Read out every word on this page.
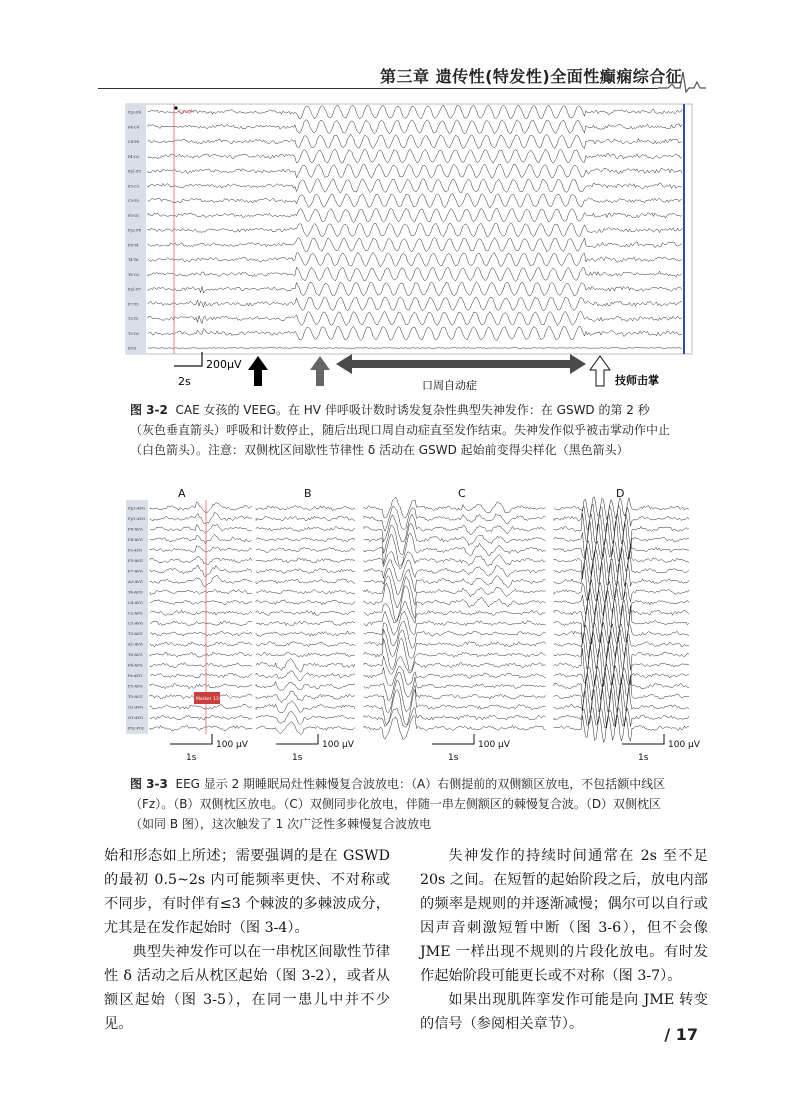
第三章 遗传性(特发性)全面性癫痫综合征
Fp2-F4
F4-C4
C4-P4
P4-O2
Fp1-F3
F3-C3
C3-P3
P3-O1
Fp2-F8
F8-T4
T4-T6
T6-O2
Fp1-F7
F7-T3
T3-T5
T5-O1
ECG
Cough
200μV
2s	口周自动症	技师击掌
图 3-2 CAE 女孩的 VEEG。在 HV 伴呼吸计数时诱发复杂性典型失神发作：在 GSWD 的第 2 秒（灰色垂直箭头）呼吸和计数停止，随后出现口周自动症直至发作结束。失神发作似乎被击掌动作中止（白色箭头）。注意：双侧枕区间歇性节律性 δ 活动在 GSWD 起始前变得尖样化（黑色箭头）
Fp2-AVG
Fp1-AVG
F8-AVG
F4-AVG
Fz-AVG
F3-AVG
F7-AVG
A2-AVG
T4-AVG
C4-AVG
Cz-AVG
C3-AVG
T3-AVG
A1-AVG
T6-AVG
P4-AVG
Pz-AVG
P3-AVG
T5-AVG
O2-AVG
O1-AVG
P02-P02
A
100 μV
1s
B
100 μV
1s
C
100 μV
1s
D
100 μV
1s
Marker 13:59:49
图 3-3 EEG 显示 2 期睡眠局灶性棘慢复合波放电：（A）右侧提前的双侧额区放电，不包括额中线区（Fz）。（B）双侧枕区放电。（C）双侧同步化放电，伴随一串左侧额区的棘慢复合波。（D）双侧枕区（如同 B 图），这次触发了 1 次广泛性多棘慢复合波放电

始和形态如上所述；需要强调的是在 GSWD 的最初 0.5~2s 内可能频率更快、不对称或不同步，有时伴有≤3 个棘波的多棘波成分，尤其是在发作起始时（图 3-4）。

典型失神发作可以在一串枕区间歇性节律性 δ 活动之后从枕区起始（图 3-2），或者从额区起始（图 3-5），在同一患儿中并不少见。

失神发作的持续时间通常在 2s 至不足 20s 之间。在短暂的起始阶段之后，放电内部的频率是规则的并逐渐减慢；偶尔可以自行或因声音刺激短暂中断（图 3-6），但不会像 JME 一样出现不规则的片段化放电。有时发作起始阶段可能更长或不对称（图 3-7）。

如果出现肌阵挛发作可能是向 JME 转变的信号（参阅相关章节）。

/ 17
